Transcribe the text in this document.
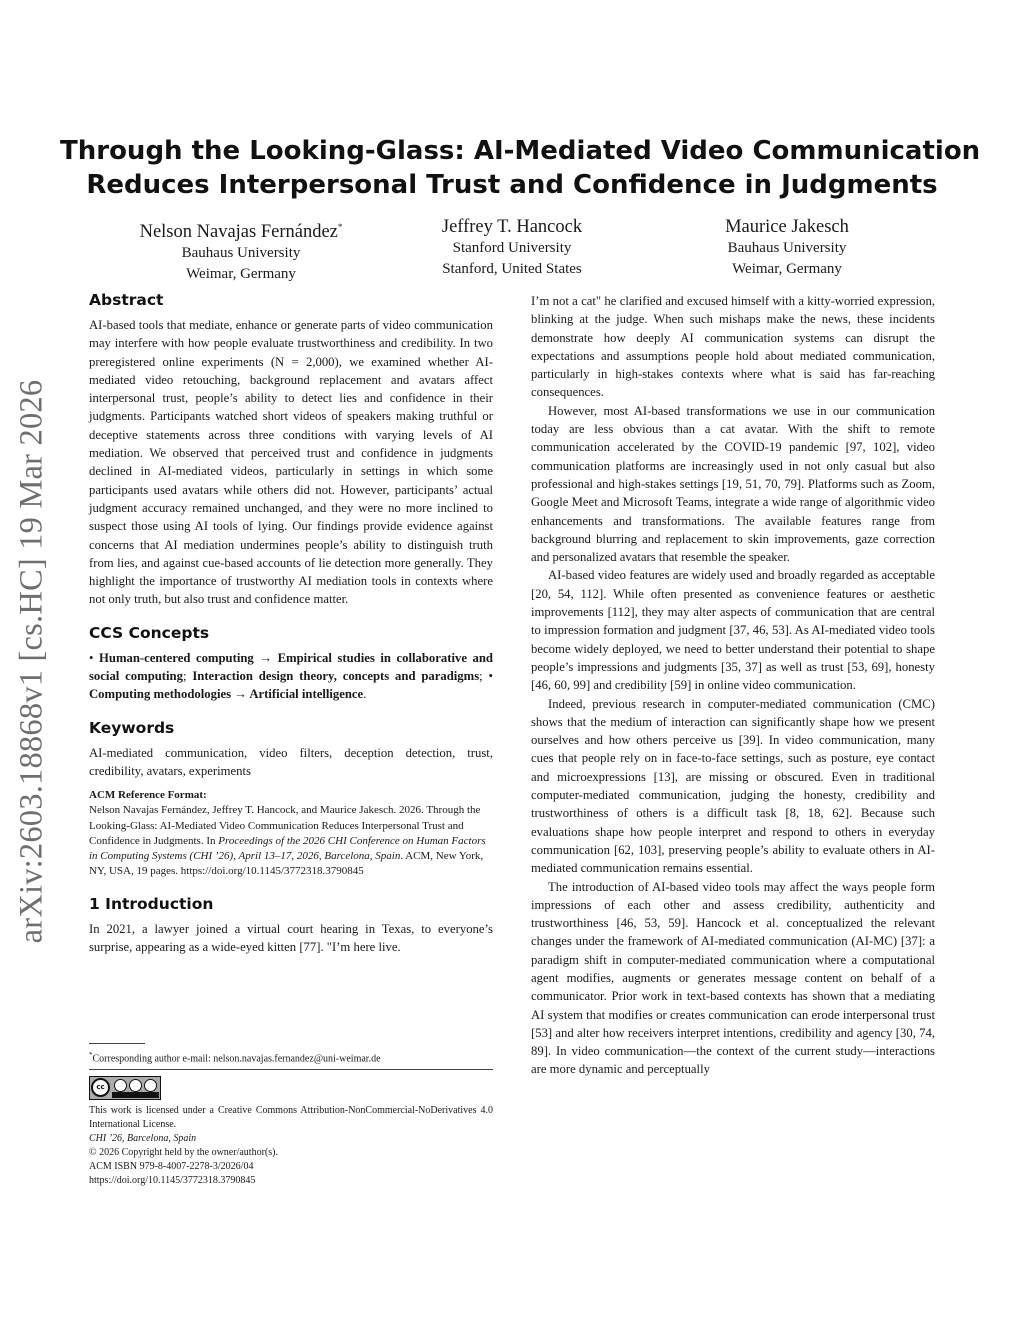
arXiv:2603.18868v1 [cs.HC] 19 Mar 2026
Through the Looking-Glass: AI-Mediated Video Communication
Reduces Interpersonal Trust and Confidence in Judgments
Nelson Navajas Fernández*
Bauhaus University
Weimar, Germany
Jeffrey T. Hancock
Stanford University
Stanford, United States
Maurice Jakesch
Bauhaus University
Weimar, Germany
Abstract

AI-based tools that mediate, enhance or generate parts of video communication may interfere with how people evaluate trustworthiness and credibility. In two preregistered online experiments (N = 2,000), we examined whether AI-mediated video retouching, background replacement and avatars affect interpersonal trust, people’s ability to detect lies and confidence in their judgments. Participants watched short videos of speakers making truthful or deceptive statements across three conditions with varying levels of AI mediation. We observed that perceived trust and confidence in judgments declined in AI-mediated videos, particularly in settings in which some participants used avatars while others did not. However, participants’ actual judgment accuracy remained unchanged, and they were no more inclined to suspect those using AI tools of lying. Our findings provide evidence against concerns that AI mediation undermines people’s ability to distinguish truth from lies, and against cue-based accounts of lie detection more generally. They highlight the importance of trustworthy AI mediation tools in contexts where not only truth, but also trust and confidence matter.

CCS Concepts

• Human-centered computing → Empirical studies in collaborative and social computing; Interaction design theory, concepts and paradigms; • Computing methodologies → Artificial intelligence.

Keywords

AI-mediated communication, video filters, deception detection, trust, credibility, avatars, experiments

ACM Reference Format:

Nelson Navajas Fernández, Jeffrey T. Hancock, and Maurice Jakesch. 2026. Through the Looking-Glass: AI-Mediated Video Communication Reduces Interpersonal Trust and Confidence in Judgments. In Proceedings of the 2026 CHI Conference on Human Factors in Computing Systems (CHI ’26), April 13–17, 2026, Barcelona, Spain. ACM, New York, NY, USA, 19 pages. https://doi.org/10.1145/3772318.3790845

1 Introduction

In 2021, a lawyer joined a virtual court hearing in Texas, to everyone’s surprise, appearing as a wide-eyed kitten [77]. "I’m here live.

*Corresponding author e-mail: nelson.navajas.fernandez@uni-weimar.de
cc

This work is licensed under a Creative Commons Attribution-NonCommercial-NoDerivatives 4.0 International License.

CHI ’26, Barcelona, Spain
© 2026 Copyright held by the owner/author(s).
ACM ISBN 979-8-4007-2278-3/2026/04
https://doi.org/10.1145/3772318.3790845

I’m not a cat" he clarified and excused himself with a kitty-worried expression, blinking at the judge. When such mishaps make the news, these incidents demonstrate how deeply AI communication systems can disrupt the expectations and assumptions people hold about mediated communication, particularly in high-stakes contexts where what is said has far-reaching consequences.

However, most AI-based transformations we use in our communication today are less obvious than a cat avatar. With the shift to remote communication accelerated by the COVID-19 pandemic [97, 102], video communication platforms are increasingly used in not only casual but also professional and high-stakes settings [19, 51, 70, 79]. Platforms such as Zoom, Google Meet and Microsoft Teams, integrate a wide range of algorithmic video enhancements and transformations. The available features range from background blurring and replacement to skin improvements, gaze correction and personalized avatars that resemble the speaker.

AI-based video features are widely used and broadly regarded as acceptable [20, 54, 112]. While often presented as convenience features or aesthetic improvements [112], they may alter aspects of communication that are central to impression formation and judgment [37, 46, 53]. As AI-mediated video tools become widely deployed, we need to better understand their potential to shape people’s impressions and judgments [35, 37] as well as trust [53, 69], honesty [46, 60, 99] and credibility [59] in online video communication.

Indeed, previous research in computer-mediated communication (CMC) shows that the medium of interaction can significantly shape how we present ourselves and how others perceive us [39]. In video communication, many cues that people rely on in face-to-face settings, such as posture, eye contact and microexpressions [13], are missing or obscured. Even in traditional computer-mediated communication, judging the honesty, credibility and trustworthiness of others is a difficult task [8, 18, 62]. Because such evaluations shape how people interpret and respond to others in everyday communication [62, 103], preserving people’s ability to evaluate others in AI-mediated communication remains essential.

The introduction of AI-based video tools may affect the ways people form impressions of each other and assess credibility, authenticity and trustworthiness [46, 53, 59]. Hancock et al. conceptualized the relevant changes under the framework of AI-mediated communication (AI-MC) [37]: a paradigm shift in computer-mediated communication where a computational agent modifies, augments or generates message content on behalf of a communicator. Prior work in text-based contexts has shown that a mediating AI system that modifies or creates communication can erode interpersonal trust [53] and alter how receivers interpret intentions, credibility and agency [30, 74, 89]. In video communication—the context of the current study—interactions are more dynamic and perceptually
